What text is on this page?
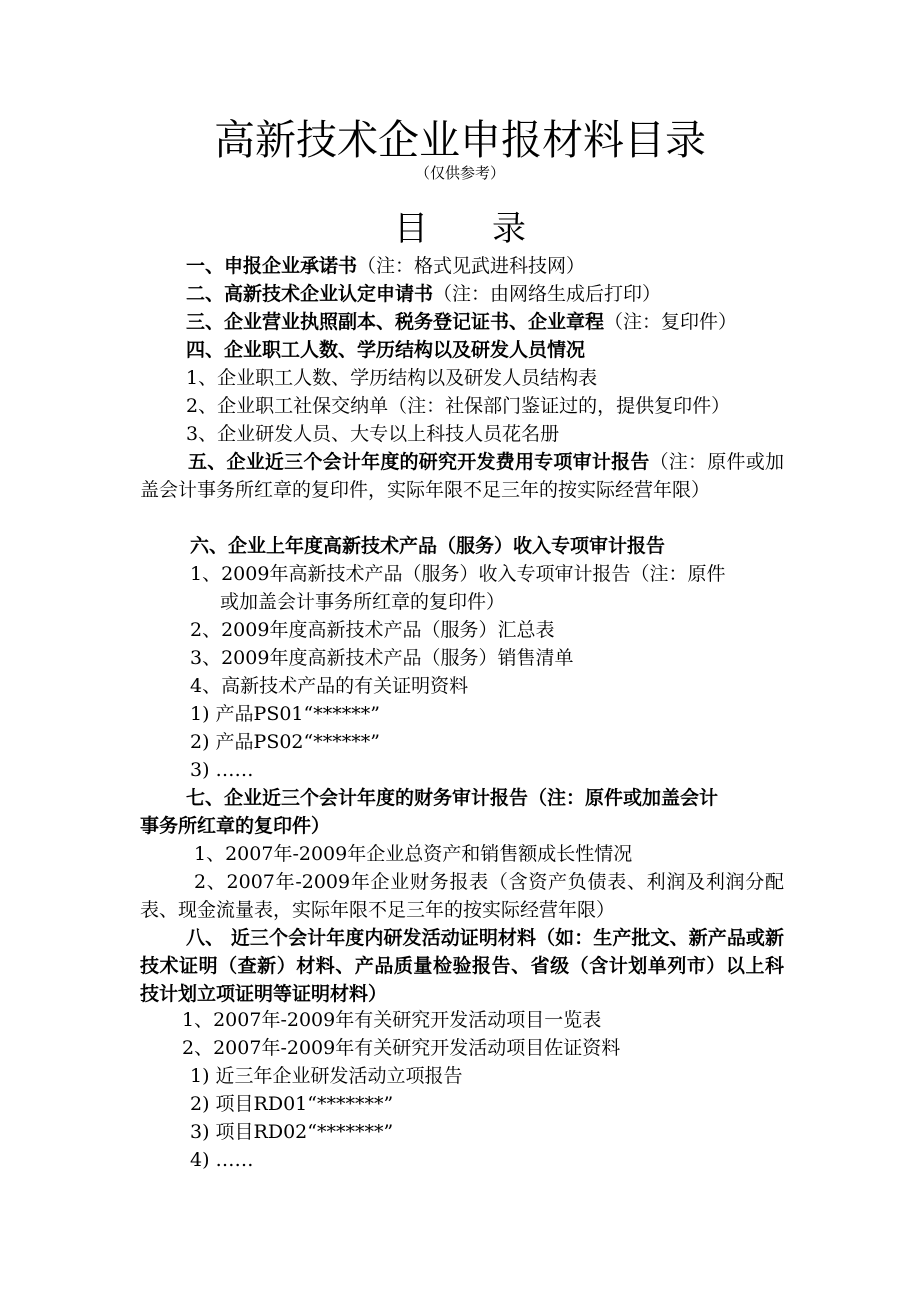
高新技术企业申报材料目录
（仅供参考）
目录
一、申报企业承诺书（注：格式见武进科技网）
二、高新技术企业认定申请书（注：由网络生成后打印）
三、企业营业执照副本、税务登记证书、企业章程（注：复印件）
四、企业职工人数、学历结构以及研发人员情况
1、企业职工人数、学历结构以及研发人员结构表
2、企业职工社保交纳单（注：社保部门鉴证过的，提供复印件）
3、企业研发人员、大专以上科技人员花名册
五、企业近三个会计年度的研究开发费用专项审计报告（注：原件或加盖会计事务所红章的复印件，实际年限不足三年的按实际经营年限）
六、企业上年度高新技术产品（服务）收入专项审计报告
1、2009年高新技术产品（服务）收入专项审计报告（注：原件
或加盖会计事务所红章的复印件）
2、2009年度高新技术产品（服务）汇总表
3、2009年度高新技术产品（服务）销售清单
4、高新技术产品的有关证明资料
1) 产品PS01“******”
2) 产品PS02“******”
3) ……
七、企业近三个会计年度的财务审计报告（注：原件或加盖会计
事务所红章的复印件）
1、2007年-2009年企业总资产和销售额成长性情况
2、2007年-2009年企业财务报表（含资产负债表、利润及利润分配表、现金流量表，实际年限不足三年的按实际经营年限）
八、 近三个会计年度内研发活动证明材料（如：生产批文、新产品或新技术证明（查新）材料、产品质量检验报告、省级（含计划单列市）以上科技计划立项证明等证明材料）
1、2007年-2009年有关研究开发活动项目一览表
2、2007年-2009年有关研究开发活动项目佐证资料
1) 近三年企业研发活动立项报告
2) 项目RD01“*******”
3) 项目RD02“*******”
4) ……
